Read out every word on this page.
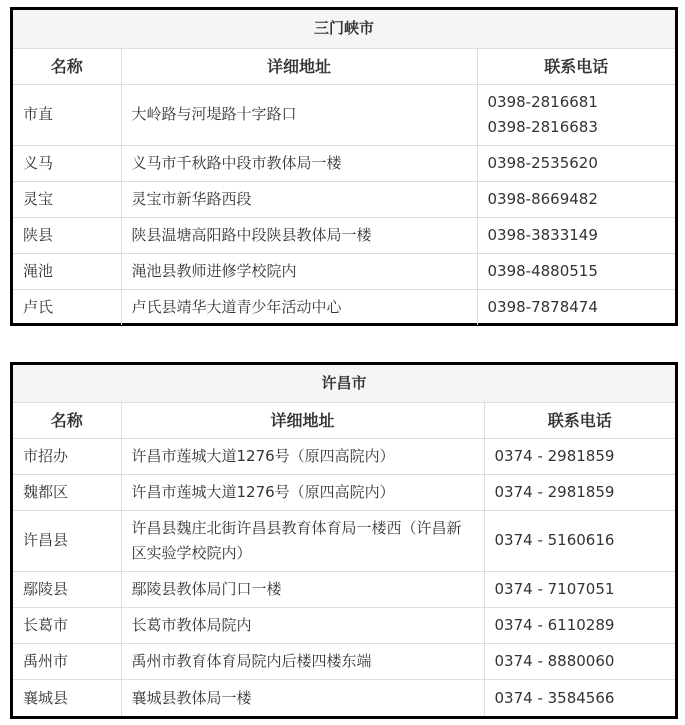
三门峡市		
名称	详细地址	联系电话
市直	大岭路与河堤路十字路口	0398-2816681
0398-2816683

义马	义马市千秋路中段市教体局一楼	0398-2535620
灵宝	灵宝市新华路西段	0398-8669482
陕县	陕县温塘高阳路中段陕县教体局一楼	0398-3833149
渑池	渑池县教师进修学校院内	0398-4880515
卢氏	卢氏县靖华大道青少年活动中心	0398-7878474
许昌市		
名称	详细地址	联系电话
市招办	许昌市莲城大道1276号（原四高院内）	0374 - 2981859
魏都区	许昌市莲城大道1276号（原四高院内）	0374 - 2981859
许昌县	许昌县魏庄北街许昌县教育体育局一楼西（许昌新区实验学校院内）	0374 - 5160616
鄢陵县	鄢陵县教体局门口一楼	0374 - 7107051
长葛市	长葛市教体局院内	0374 - 6110289
禹州市	禹州市教育体育局院内后楼四楼东端	0374 - 8880060
襄城县	襄城县教体局一楼	0374 - 3584566
